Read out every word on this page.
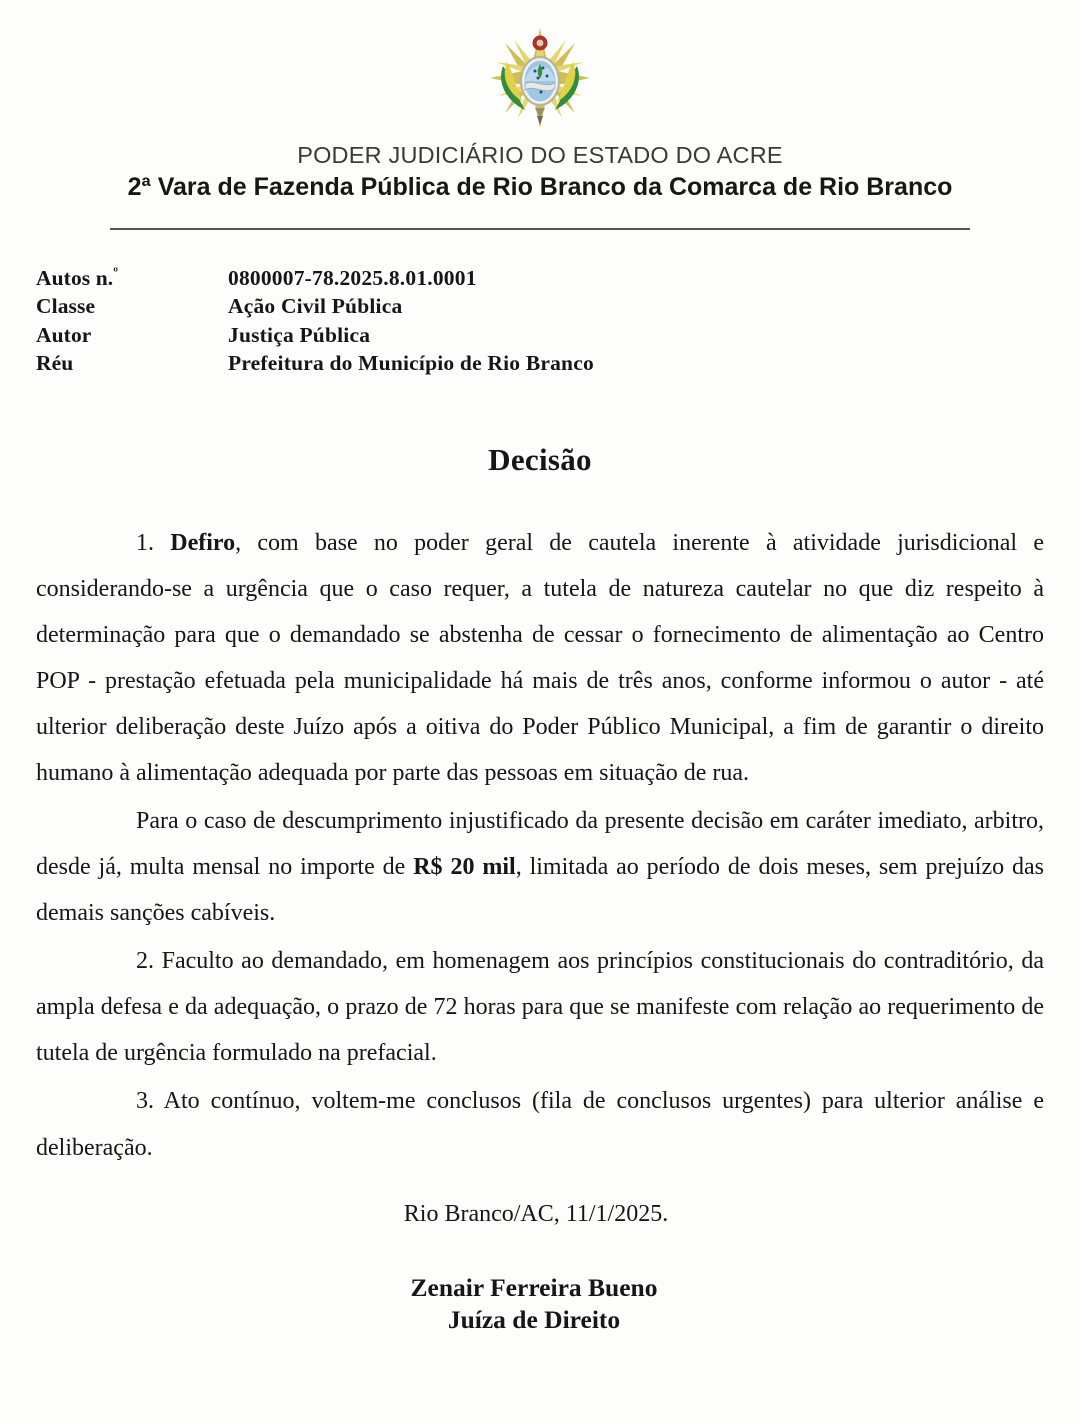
PODER JUDICIÁRIO DO ESTADO DO ACRE
2ª Vara de Fazenda Pública de Rio Branco da Comarca de Rio Branco
Autos n.$^º$	0800007-78.2025.8.01.0001
Classe	Ação Civil Pública
Autor	Justiça Pública
Réu	Prefeitura do Município de Rio Branco
Decisão

1. Defiro, com base no poder geral de cautela inerente à atividade jurisdicional e considerando-se a urgência que o caso requer, a tutela de natureza cautelar no que diz respeito à determinação para que o demandado se abstenha de cessar o fornecimento de alimentação ao Centro POP - prestação efetuada pela municipalidade há mais de três anos, conforme informou o autor - até ulterior deliberação deste Juízo após a oitiva do Poder Público Municipal, a fim de garantir o direito humano à alimentação adequada por parte das pessoas em situação de rua.

Para o caso de descumprimento injustificado da presente decisão em caráter imediato, arbitro, desde já, multa mensal no importe de R$ 20 mil, limitada ao período de dois meses, sem prejuízo das demais sanções cabíveis.

2. Faculto ao demandado, em homenagem aos princípios constitucionais do contraditório, da ampla defesa e da adequação, o prazo de 72 horas para que se manifeste com relação ao requerimento de tutela de urgência formulado na prefacial.

3. Ato contínuo, voltem-me conclusos (fila de conclusos urgentes) para ulterior análise e deliberação.

Rio Branco/AC, 11/1/2025.
Zenair Ferreira Bueno
Juíza de Direito
